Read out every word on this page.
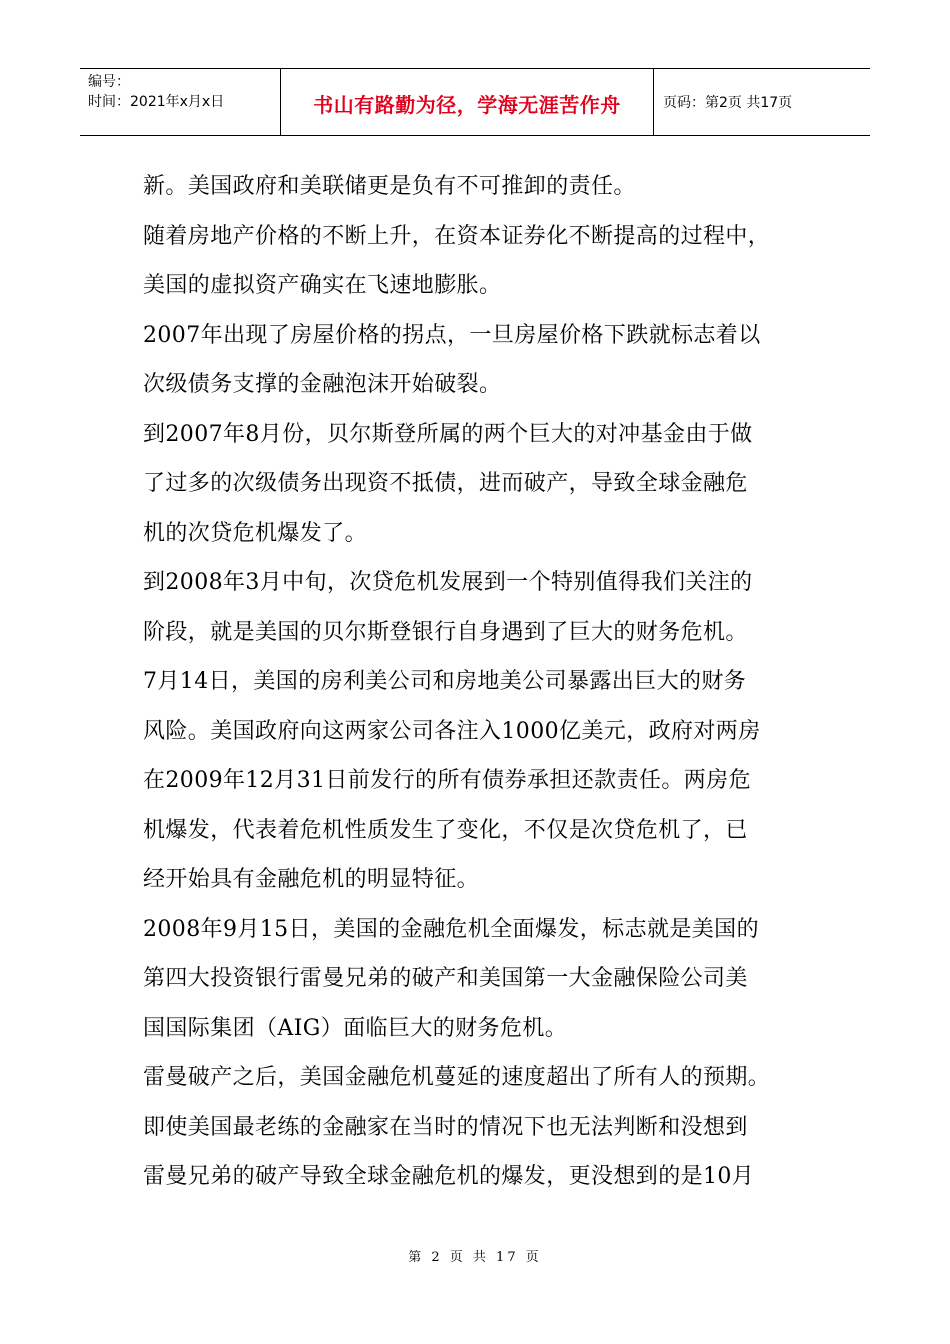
编号：
时间：2021年x月x日	书山有路勤为径，学海无涯苦作舟	页码：第2页 共17页

新。美国政府和美联储更是负有不可推卸的责任。

随着房地产价格的不断上升，在资本证券化不断提高的过程中，

美国的虚拟资产确实在飞速地膨胀。

2007年出现了房屋价格的拐点，一旦房屋价格下跌就标志着以

次级债务支撑的金融泡沫开始破裂。

到2007年8月份，贝尔斯登所属的两个巨大的对冲基金由于做

了过多的次级债务出现资不抵债，进而破产，导致全球金融危

机的次贷危机爆发了。

到2008年3月中旬，次贷危机发展到一个特别值得我们关注的

阶段，就是美国的贝尔斯登银行自身遇到了巨大的财务危机。

7月14日，美国的房利美公司和房地美公司暴露出巨大的财务

风险。美国政府向这两家公司各注入1000亿美元，政府对两房

在2009年12月31日前发行的所有债券承担还款责任。两房危

机爆发，代表着危机性质发生了变化，不仅是次贷危机了，已

经开始具有金融危机的明显特征。

2008年9月15日，美国的金融危机全面爆发，标志就是美国的

第四大投资银行雷曼兄弟的破产和美国第一大金融保险公司美

国国际集团（AIG）面临巨大的财务危机。

雷曼破产之后，美国金融危机蔓延的速度超出了所有人的预期。

即使美国最老练的金融家在当时的情况下也无法判断和没想到

雷曼兄弟的破产导致全球金融危机的爆发，更没想到的是10月

第 2 页 共 17 页
